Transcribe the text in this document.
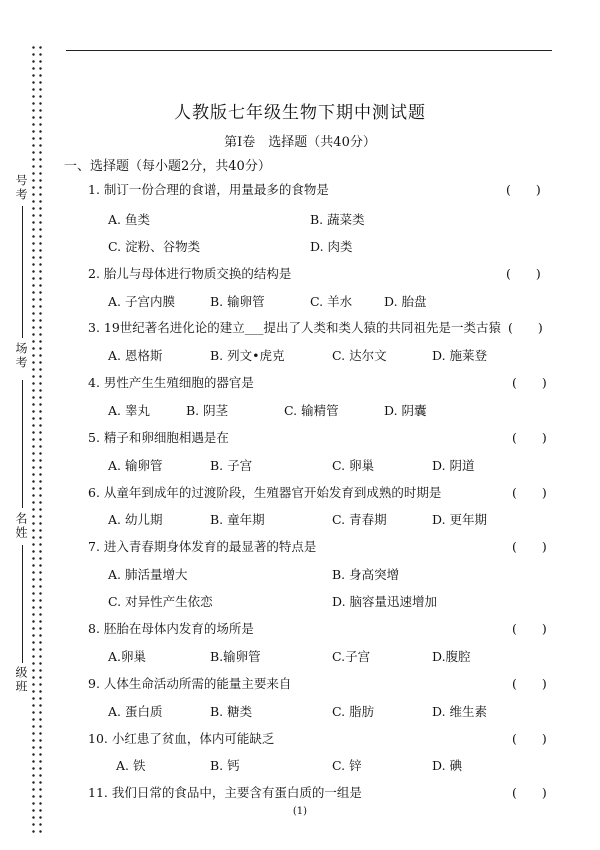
号考
场考
名姓
级班
人教版七年级生物下期中测试题
第Ⅰ卷　选择题（共40分）
一、选择题（每小题2分，共40分）
1. 制订一份合理的食谱，用量最多的食物是	(　　)
A. 鱼类	B. 蔬菜类
C. 淀粉、谷物类	D. 肉类
2. 胎儿与母体进行物质交换的结构是	(　　)
A. 子宫内膜	B. 输卵管	C. 羊水	D. 胎盘
3. 19世纪著名进化论的建立___提出了人类和类人猿的共同祖先是一类古猿 (　　)
A. 恩格斯	B. 列文•虎克	C. 达尔文	D. 施莱登
4. 男性产生生殖细胞的器官是	(　　)
A. 睾丸	B. 阴茎	C. 输精管	D. 阴囊
5. 精子和卵细胞相遇是在	(　　)
A. 输卵管	B. 子宫	C. 卵巢	D. 阴道
6. 从童年到成年的过渡阶段，生殖器官开始发育到成熟的时期是	(　　)
A. 幼儿期	B. 童年期	C. 青春期	D. 更年期
7. 进入青春期身体发育的最显著的特点是	(　　)
A. 肺活量增大	B. 身高突增
C. 对异性产生依恋	D. 脑容量迅速增加
8. 胚胎在母体内发育的场所是	(　　)
A.卵巢	B.输卵管	C.子宫	D.腹腔
9. 人体生命活动所需的能量主要来自	(　　)
A. 蛋白质	B. 糖类	C. 脂肪	D. 维生素
10. 小红患了贫血，体内可能缺乏	(　　)
A. 铁	B. 钙	C. 锌	D. 碘
11. 我们日常的食品中，主要含有蛋白质的一组是	(　　)
(1)
